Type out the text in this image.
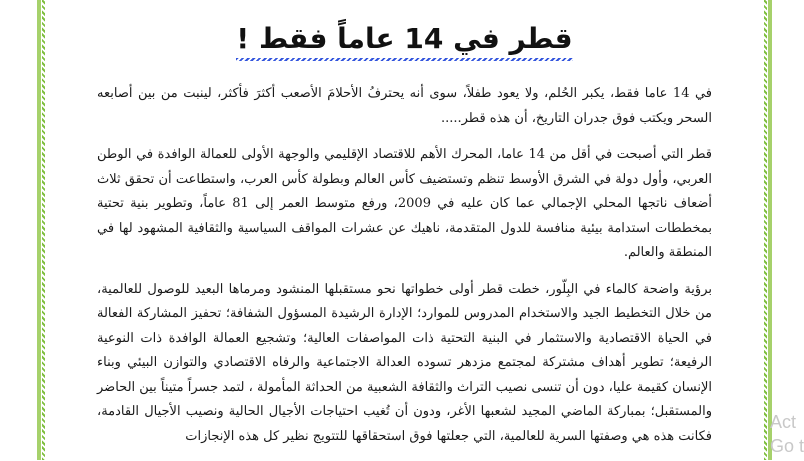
قطر في 14 عاماً فقط !

في 14 عاما فقط، يكبر الحُلم، ولا يعود طفلاً، سوى أنه يحترفُ الأحلامَ الأصعب أكثرَ فأكثر، لينبت من بين أصابعه السحر ويكتب فوق جدران التاريخ، أن هذه قطر.....

قطر التي أصبحت في أقل من 14 عاما، المحرك الأهم للاقتصاد الإقليمي والوجهة الأولى للعمالة الوافدة في الوطن العربي، وأول دولة في الشرق الأوسط تنظم وتستضيف كأس العالم وبطولة كأس العرب، واستطاعت أن تحقق ثلاث أضعاف ناتجها المحلي الإجمالي عما كان عليه في 2009، ورفع متوسط العمر إلى 81 عاماً، وتطوير بنية تحتية بمخططات استدامة بيئية منافسة للدول المتقدمة، ناهيك عن عشرات المواقف السياسية والثقافية المشهود لها في المنطقة والعالم.

برؤية واضحة كالماء في البِلّور، خطت قطر أولى خطواتها نحو مستقبلها المنشود ومرماها البعيد للوصول للعالمية، من خلال التخطيط الجيد والاستخدام المدروس للموارد؛ الإدارة الرشيدة المسؤول الشفافة؛ تحفيز المشاركة الفعالة في الحياة الاقتصادية والاستثمار في البنية التحتية ذات المواصفات العالية؛ وتشجيع العمالة الوافدة ذات النوعية الرفيعة؛ تطوير أهداف مشتركة لمجتمع مزدهر تسوده العدالة الاجتماعية والرفاه الاقتصادي والتوازن البيئي وبناء الإنسان كقيمة عليا، دون أن تنسى نصيب التراث والثقافة الشعبية من الحداثة المأمولة ، لتمد جسراً متيناً بين الحاضر والمستقبل؛ بمباركة الماضي المجيد لشعبها الأغر، ودون أن تُغيب احتياجات الأجيال الحالية ونصيب الأجيال القادمة، فكانت هذه هي وصفتها السرية للعالمية، التي جعلتها فوق استحقاقها للتتويج نظير كل هذه الإنجازات

Act
Go t
